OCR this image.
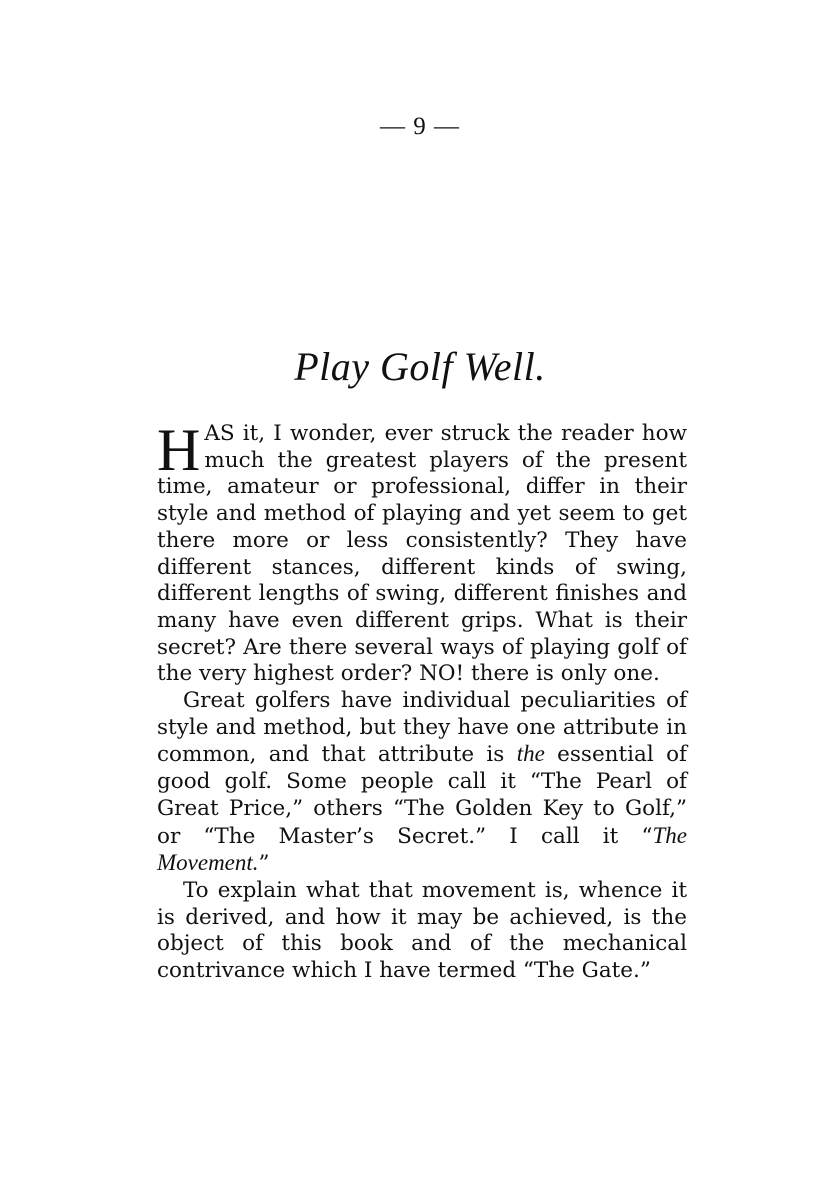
— 9 —
Play Golf Well.

HAS it, I wonder, ever struck the reader how much the greatest players of the present time, amateur or professional, differ in their style and method of playing and yet seem to get there more or less consistently? They have different stances, different kinds of swing, different lengths of swing, different finishes and many have even different grips. What is their secret? Are there several ways of playing golf of the very highest order? NO! there is only one.

Great golfers have individual peculiarities of style and method, but they have one attribute in common, and that attribute is the essential of good golf. Some people call it “The Pearl of Great Price,” others “The Golden Key to Golf,” or “The Master’s Secret.” I call it “The Movement.”

To explain what that movement is, whence it is derived, and how it may be achieved, is the object of this book and of the mechanical contrivance which I have termed “The Gate.”
